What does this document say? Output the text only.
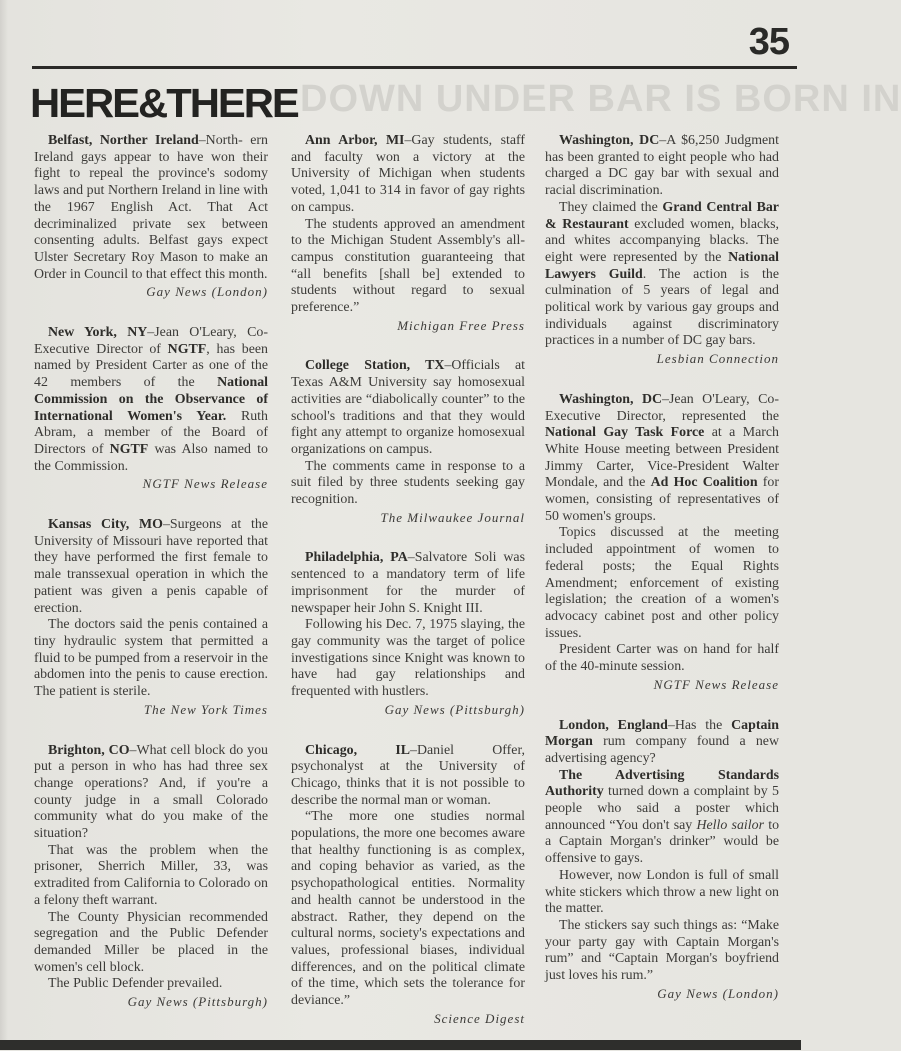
DOWN UNDER BAR IS BORN IN
35
HERE&THERE

Belfast, Norther Ireland–North- ern Ireland gays appear to have won their fight to repeal the province's sodomy laws and put Northern Ireland in line with the 1967 English Act. That Act decriminalized private sex between consenting adults. Belfast gays expect Ulster Secretary Roy Mason to make an Order in Council to that effect this month.

Gay News (London)

New York, NY–Jean O'Leary, Co-Executive Director of NGTF, has been named by President Carter as one of the 42 members of the National Commission on the Observance of International Women's Year. Ruth Abram, a member of the Board of Directors of NGTF was Also named to the Commission.

NGTF News Release

Kansas City, MO–Surgeons at the University of Missouri have reported that they have performed the first female to male transsexual operation in which the patient was given a penis capable of erection.

The doctors said the penis contained a tiny hydraulic system that permitted a fluid to be pumped from a reservoir in the abdomen into the penis to cause erection. The patient is sterile.

The New York Times

Brighton, CO–What cell block do you put a person in who has had three sex change operations? And, if you're a county judge in a small Colorado community what do you make of the situation?

That was the problem when the prisoner, Sherrich Miller, 33, was extradited from California to Colorado on a felony theft warrant.

The County Physician recommended segregation and the Public Defender demanded Miller be placed in the women's cell block.

The Public Defender prevailed.

Gay News (Pittsburgh)

Ann Arbor, MI–Gay students, staff and faculty won a victory at the University of Michigan when students voted, 1,041 to 314 in favor of gay rights on campus.

The students approved an amendment to the Michigan Student Assembly's all-campus constitution guaranteeing that “all benefits [shall be] extended to students without regard to sexual preference.”

Michigan Free Press

College Station, TX–Officials at Texas A&M University say homosexual activities are “diabolically counter” to the school's traditions and that they would fight any attempt to organize homosexual organizations on campus.

The comments came in response to a suit filed by three students seeking gay recognition.

The Milwaukee Journal

Philadelphia, PA–Salvatore Soli was sentenced to a mandatory term of life imprisonment for the murder of newspaper heir John S. Knight III.

Following his Dec. 7, 1975 slaying, the gay community was the target of police investigations since Knight was known to have had gay relationships and frequented with hustlers.

Gay News (Pittsburgh)

Chicago, IL–Daniel Offer, psychonalyst at the University of Chicago, thinks that it is not possible to describe the normal man or woman.

“The more one studies normal populations, the more one becomes aware that healthy functioning is as complex, and coping behavior as varied, as the psychopathological entities. Normality and health cannot be understood in the abstract. Rather, they depend on the cultural norms, society's expectations and values, professional biases, individual differences, and on the political climate of the time, which sets the tolerance for deviance.”

Science Digest

Washington, DC–A $6,250 Judgment has been granted to eight people who had charged a DC gay bar with sexual and racial discrimination.

They claimed the Grand Central Bar & Restaurant excluded women, blacks, and whites accompanying blacks. The eight were represented by the National Lawyers Guild. The action is the culmination of 5 years of legal and political work by various gay groups and individuals against discriminatory practices in a number of DC gay bars.

Lesbian Connection

Washington, DC–Jean O'Leary, Co-Executive Director, represented the National Gay Task Force at a March White House meeting between President Jimmy Carter, Vice-President Walter Mondale, and the Ad Hoc Coalition for women, consisting of representatives of 50 women's groups.

Topics discussed at the meeting included appointment of women to federal posts; the Equal Rights Amendment; enforcement of existing legislation; the creation of a women's advocacy cabinet post and other policy issues.

President Carter was on hand for half of the 40-minute session.

NGTF News Release

London, England–Has the Captain Morgan rum company found a new advertising agency?

The Advertising Standards Authority turned down a complaint by 5 people who said a poster which announced “You don't say Hello sailor to a Captain Morgan's drinker” would be offensive to gays.

However, now London is full of small white stickers which throw a new light on the matter.

The stickers say such things as: “Make your party gay with Captain Morgan's rum” and “Captain Morgan's boyfriend just loves his rum.”

Gay News (London)
